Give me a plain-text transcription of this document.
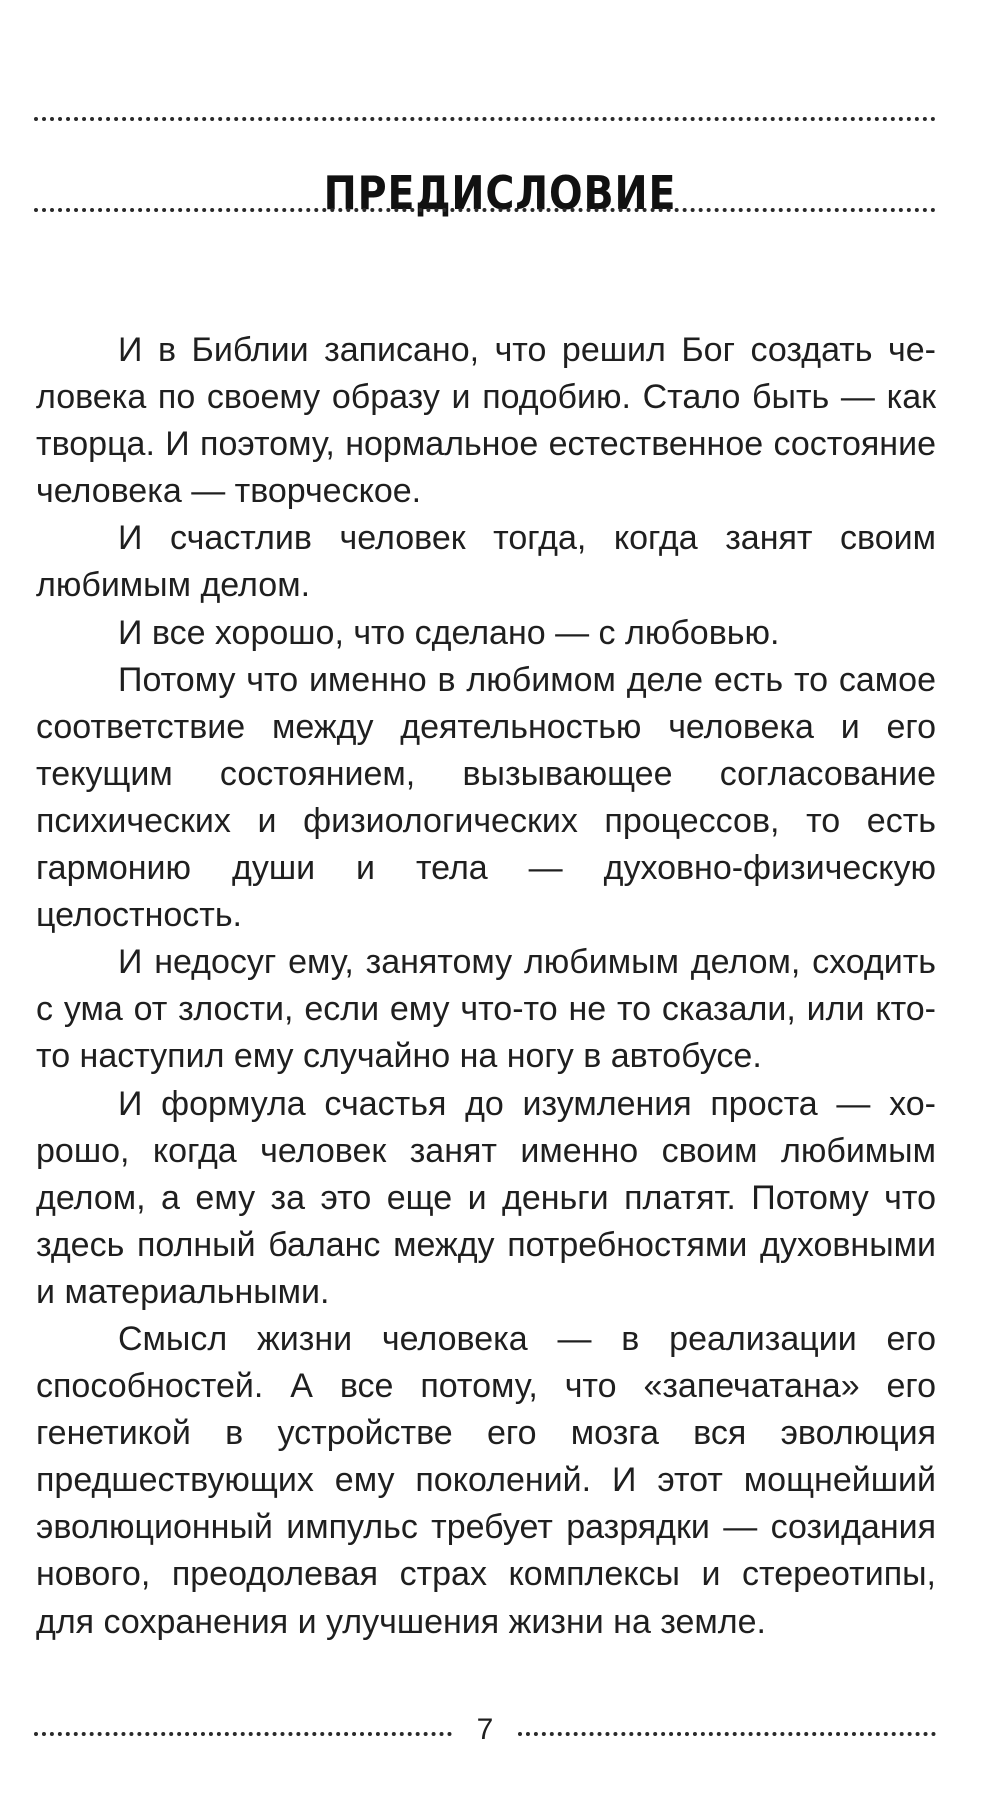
ПРЕДИСЛОВИЕ

И в Библии записано, что решил Бог создать человека по своему образу и подобию. Стало быть — как творца. И поэтому, нормальное естественное состояние человека — творческое.

И счастлив человек тогда, когда занят своим любимым делом.

И все хорошо, что сделано — с любовью.

Потому что именно в любимом деле есть то самое соответствие между деятельностью человека и его текущим состоянием, вызывающее согласование психических и физиологических процессов, то есть гармонию души и тела — духовно-физическую целостность.

И недосуг ему, занятому любимым делом, сходить с ума от злости, если ему что-то не то сказали, или кто-то наступил ему случайно на ногу в автобусе.

И формула счастья до изумления проста — хорошо, когда человек занят именно своим любимым делом, а ему за это еще и деньги платят. Потому что здесь полный баланс между потребностями духовными и материальными.

Смысл жизни человека — в реализации его способностей. А все потому, что «запечатана» его генетикой в устройстве его мозга вся эволюция предшествующих ему поколений. И этот мощнейший эволюционный импульс требует разрядки — созидания нового, преодолевая страх комплексы и стереотипы, для сохранения и улучшения жизни на земле.

7
